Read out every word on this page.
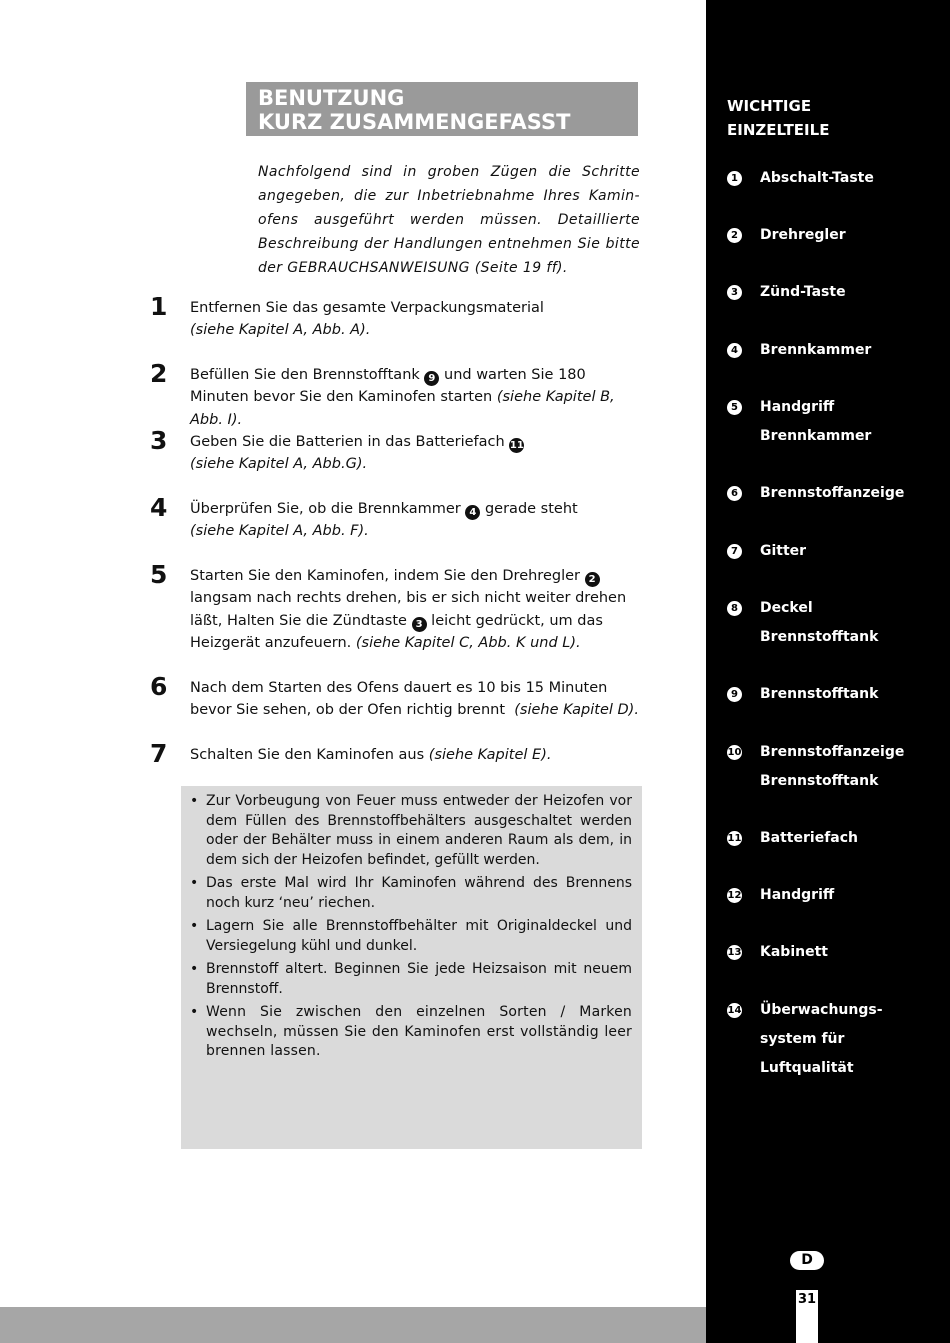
BENUTZUNG
KURZ ZUSAMMENGEFASST
Nachfolgend sind in groben Zügen die Schritte angegeben, die zur Inbetriebnahme Ihres Kamin-ofens ausgeführt werden müssen. Detaillierte Beschreibung der Handlungen entnehmen Sie bitte der GEBRAUCHSANWEISUNG (Seite 19 ff).
1	Entfernen Sie das gesamte Verpackungsmaterial
(siehe Kapitel A, Abb. A).
2	Befüllen Sie den Brennstofftank 9 und warten Sie 180 Minuten bevor Sie den Kaminofen starten (siehe Kapitel B, Abb. I).
3	Geben Sie die Batterien in das Batteriefach 11
(siehe Kapitel A, Abb.G).
4	Überprüfen Sie, ob die Brennkammer 4 gerade steht
(siehe Kapitel A, Abb. F).
5	Starten Sie den Kaminofen, indem Sie den Drehregler 2 langsam nach rechts drehen, bis er sich nicht weiter drehen läßt, Halten Sie die Zündtaste 3 leicht gedrückt, um das Heizgerät anzufeuern. (siehe Kapitel C, Abb. K und L).
6	Nach dem Starten des Ofens dauert es 10 bis 15 Minuten bevor Sie sehen, ob der Ofen richtig brennt (siehe Kapitel D).
7	Schalten Sie den Kaminofen aus (siehe Kapitel E).
• Zur Vorbeugung von Feuer muss entweder der Heizofen vor dem Füllen des Brennstoffbehälters ausgeschaltet werden oder der Behälter muss in einem anderen Raum als dem, in dem sich der Heizofen befindet, gefüllt werden.
• Das erste Mal wird Ihr Kaminofen während des Brennens noch kurz ‘neu’ riechen.
• Lagern Sie alle Brennstoffbehälter mit Originaldeckel und Versiegelung kühl und dunkel.
• Brennstoff altert. Beginnen Sie jede Heizsaison mit neuem Brennstoff.
• Wenn Sie zwischen den einzelnen Sorten / Marken wechseln, müssen Sie den Kaminofen erst vollständig leer brennen lassen.
WICHTIGE
EINZELTEILE
1 Abschalt-Taste
2 Drehregler
3 Zünd-Taste
4 Brennkammer
5 Handgriff Brennkammer
6 Brennstoffanzeige
7 Gitter
8 Deckel Brennstofftank
9 Brennstofftank
10 Brennstoffanzeige Brennstofftank
11 Batteriefach
12 Handgriff
13 Kabinett
14 Überwachungs-system für Luftqualität
D
31
